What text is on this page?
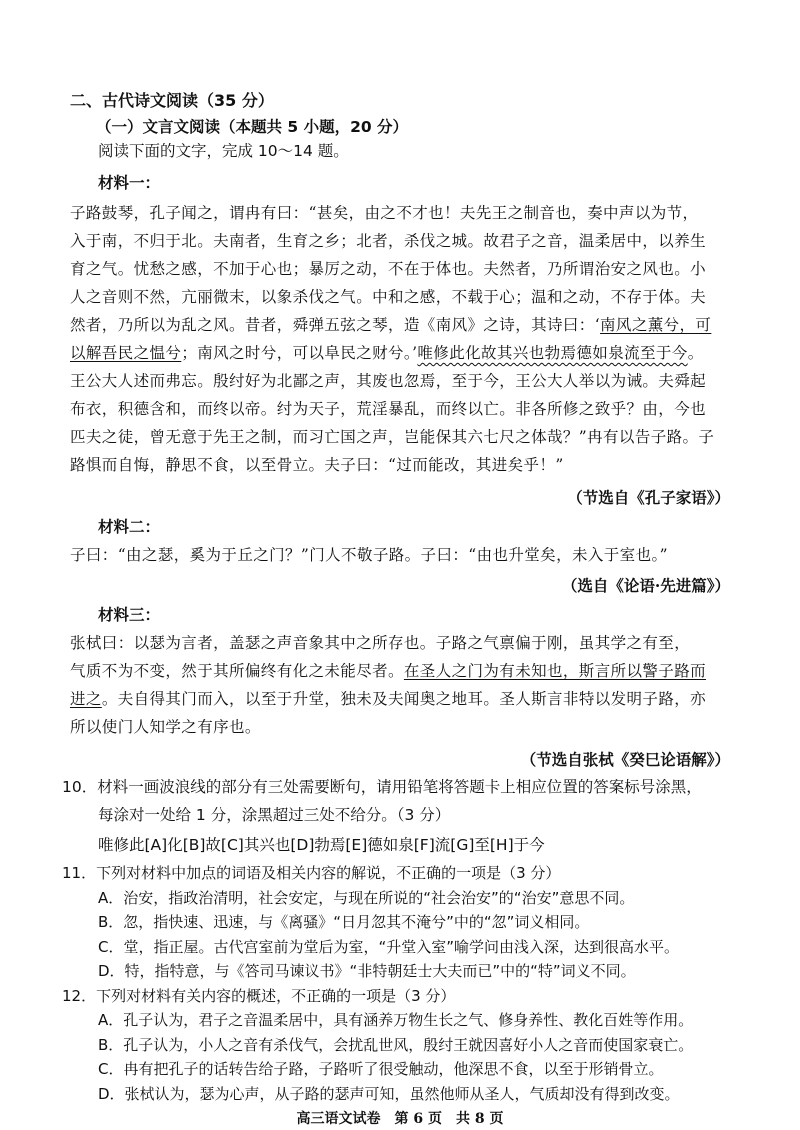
二、古代诗文阅读（35 分）
（一）文言文阅读（本题共 5 小题，20 分）
阅读下面的文字，完成 10～14 题。
材料一：
子路鼓琴，孔子闻之，谓冉有曰：“甚矣，由之不才也！夫先王之制音也，奏中声以为节，
入于南，不归于北。夫南者，生育之乡；北者，杀伐之城。故君子之音，温柔居中，以养生
育之气。忧愁之感，不加于心也；暴厉之动，不在于体也。夫然者，乃所谓治安之风也。小
人之音则不然，亢丽微末，以象杀伐之气。中和之感，不载于心；温和之动，不存于体。夫
然者，乃所以为乱之风。昔者，舜弹五弦之琴，造《南风》之诗，其诗曰：‘南风之薰兮，可
以解吾民之愠兮；南风之时兮，可以阜民之财兮。’唯修此化故其兴也勃焉德如泉流至于今。
王公大人述而弗忘。殷纣好为北鄙之声，其废也忽焉，至于今，王公大人举以为诫。夫舜起
布衣，积德含和，而终以帝。纣为天子，荒淫暴乱，而终以亡。非各所修之致乎？由，今也
匹夫之徒，曾无意于先王之制，而习亡国之声，岂能保其六七尺之体哉？”冉有以告子路。子
路惧而自悔，静思不食，以至骨立。夫子曰：“过而能改，其进矣乎！”
（节选自《孔子家语》）
材料二：
子曰：“由之瑟，奚为于丘之门？”门人不敬子路。子曰：“由也升堂矣，未入于室也。”
（选自《论语·先进篇》）
材料三：
张栻曰：以瑟为言者，盖瑟之声音象其中之所存也。子路之气禀偏于刚，虽其学之有至，
气质不为不变，然于其所偏终有化之未能尽者。在圣人之门为有未知也，斯言所以警子路而
进之。夫自得其门而入，以至于升堂，独未及夫闻奥之地耳。圣人斯言非特以发明子路，亦
所以使门人知学之有序也。
（节选自张栻《癸巳论语解》）
10．材料一画波浪线的部分有三处需要断句，请用铅笔将答题卡上相应位置的答案标号涂黑，
每涂对一处给 1 分，涂黑超过三处不给分。（3 分）
唯修此[A]化[B]故[C]其兴也[D]勃焉[E]德如泉[F]流[G]至[H]于今
11．下列对材料中加点的词语及相关内容的解说，不正确的一项是（3 分）
A．治安，指政治清明，社会安定，与现在所说的“社会治安”的“治安”意思不同。
B．忽，指快速、迅速，与《离骚》“日月忽其不淹兮”中的“忽”词义相同。
C．堂，指正屋。古代宫室前为堂后为室，“升堂入室”喻学问由浅入深，达到很高水平。
D．特，指特意，与《答司马谏议书》“非特朝廷士大夫而已”中的“特”词义不同。
12．下列对材料有关内容的概述，不正确的一项是（3 分）
A．孔子认为，君子之音温柔居中，具有涵养万物生长之气、修身养性、教化百姓等作用。
B．孔子认为，小人之音有杀伐气，会扰乱世风，殷纣王就因喜好小人之音而使国家衰亡。
C．冉有把孔子的话转告给子路，子路听了很受触动，他深思不食，以至于形销骨立。
D．张栻认为，瑟为心声，从子路的瑟声可知，虽然他师从圣人，气质却没有得到改变。
高三语文试卷　第 6 页　共 8 页
